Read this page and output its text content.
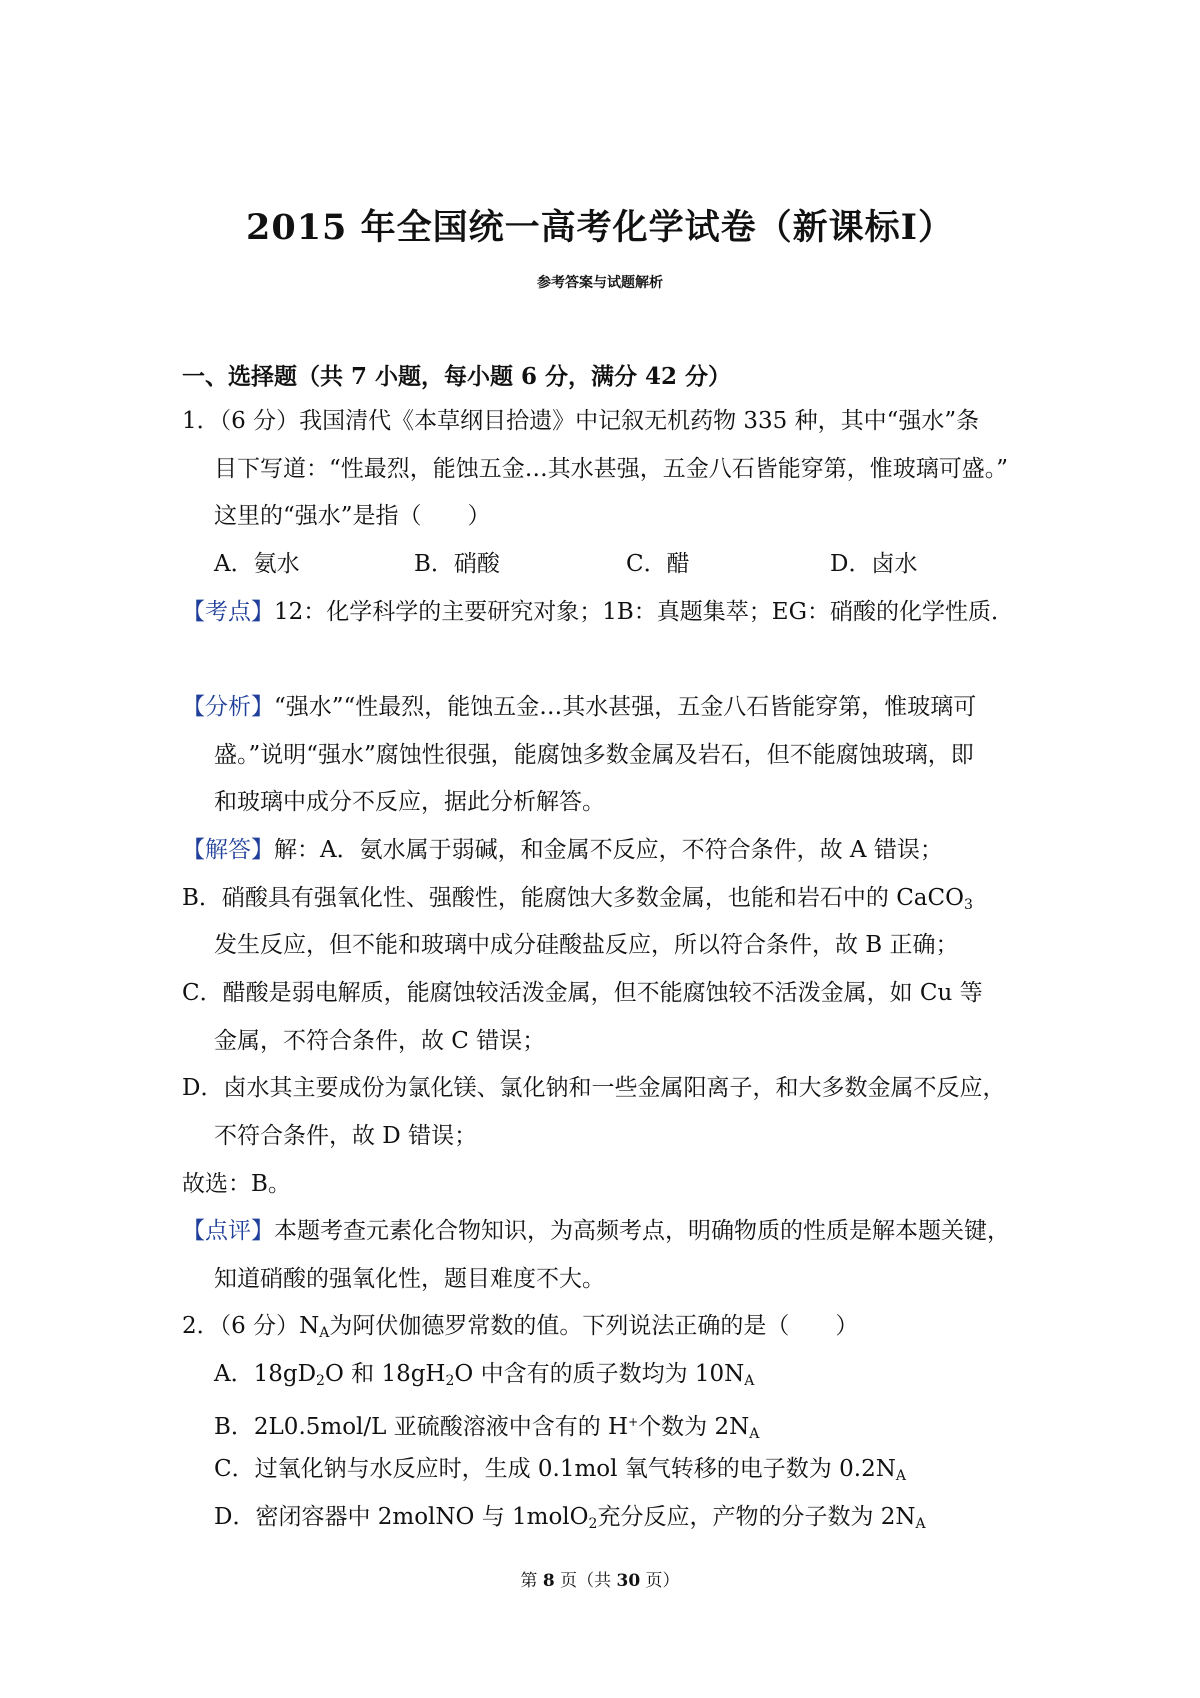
2015 年全国统一高考化学试卷（新课标Ⅰ）
参考答案与试题解析
一、选择题（共 7 小题，每小题 6 分，满分 42 分）
1．（6 分）我国清代《本草纲目拾遗》中记叙无机药物 335 种，其中“强水”条
目下写道：“性最烈，能蚀五金…其水甚强，五金八石皆能穿第，惟玻璃可盛。”
这里的“强水”是指（　　）
A．氨水	B．硝酸	C．醋	D．卤水
【考点】12：化学科学的主要研究对象；1B：真题集萃；EG：硝酸的化学性质．
【分析】“强水”“性最烈，能蚀五金…其水甚强，五金八石皆能穿第，惟玻璃可
盛。”说明“强水”腐蚀性很强，能腐蚀多数金属及岩石，但不能腐蚀玻璃，即
和玻璃中成分不反应，据此分析解答。
【解答】解：A．氨水属于弱碱，和金属不反应，不符合条件，故 A 错误；
B．硝酸具有强氧化性、强酸性，能腐蚀大多数金属，也能和岩石中的 CaCO$_3$
发生反应，但不能和玻璃中成分硅酸盐反应，所以符合条件，故 B 正确；
C．醋酸是弱电解质，能腐蚀较活泼金属，但不能腐蚀较不活泼金属，如 Cu 等
金属，不符合条件，故 C 错误；
D．卤水其主要成份为氯化镁、氯化钠和一些金属阳离子，和大多数金属不反应，
不符合条件，故 D 错误；
故选：B。
【点评】本题考查元素化合物知识，为高频考点，明确物质的性质是解本题关键，
知道硝酸的强氧化性，题目难度不大。
2．（6 分）$N_A$为阿伏伽德罗常数的值。下列说法正确的是（　　）
A．$18gD_2O$ 和 $18gH_2O$ 中含有的质子数均为 $10N_A$
B．2L0.5mol/L 亚硫酸溶液中含有的 H+个数为 $2N_A$
C．过氧化钠与水反应时，生成 0.1mol 氧气转移的电子数为 $0.2N_A$
D．密闭容器中 2molNO 与 1molO$_2$充分反应，产物的分子数为 $2N_A$
第 8 页（共 30 页）
